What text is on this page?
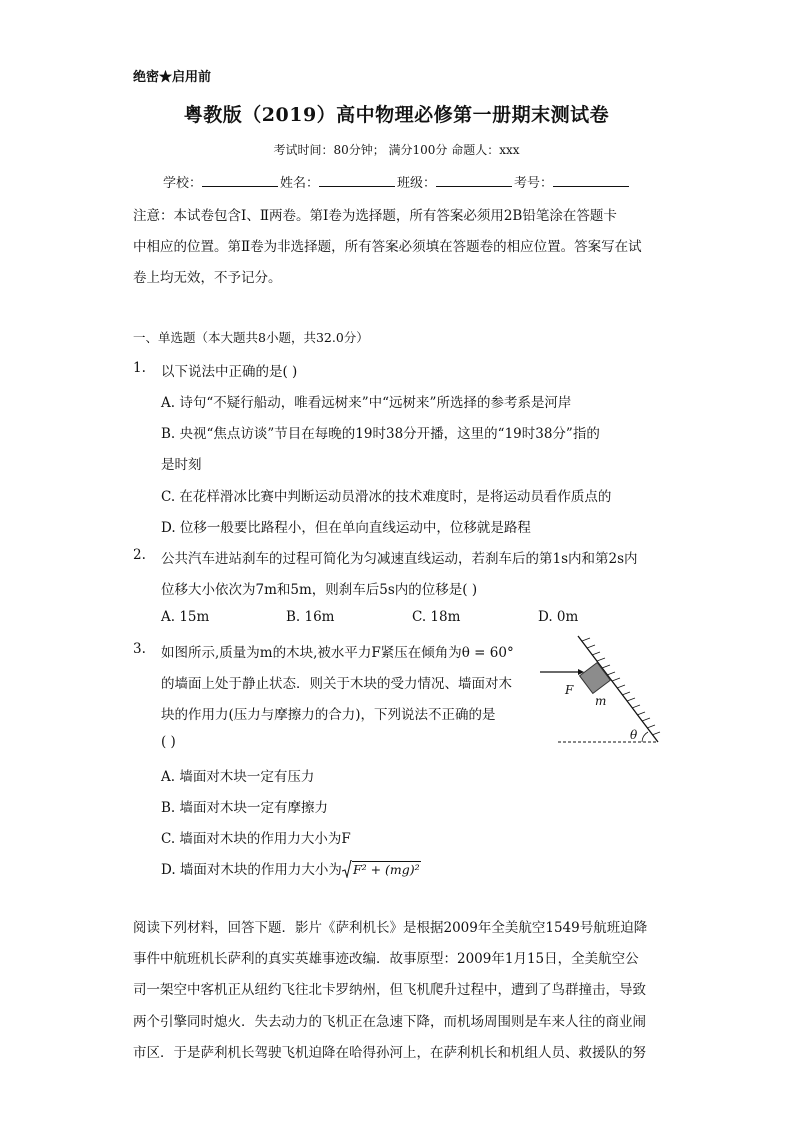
绝密★启用前
粤教版（2019）高中物理必修第一册期末测试卷
考试时间：80分钟； 满分100分 命题人：xxx
学校：	姓名：	班级：	考号：
注意：本试卷包含Ⅰ、Ⅱ两卷。第Ⅰ卷为选择题，所有答案必须用2B铅笔涂在答题卡
中相应的位置。第Ⅱ卷为非选择题，所有答案必须填在答题卷的相应位置。答案写在试
卷上均无效，不予记分。
一、单选题（本大题共8小题，共32.0分）
1. 以下说法中正确的是( )
A. 诗句“不疑行船动，唯看远树来”中“远树来”所选择的参考系是河岸
B. 央视“焦点访谈”节目在每晚的19时38分开播，这里的“19时38分”指的
是时刻
C. 在花样滑冰比赛中判断运动员滑冰的技术难度时，是将运动员看作质点的
D. 位移一般要比路程小，但在单向直线运动中，位移就是路程
2. 公共汽车进站刹车的过程可简化为匀减速直线运动，若刹车后的第1s内和第2s内
位移大小依次为7m和5m，则刹车后5s内的位移是( )
A. 15m	B. 16m	C. 18m	D. 0m
3. 如图所示,质量为m的木块,被水平力F紧压在倾角为θ = 60°
的墙面上处于静止状态．则关于木块的受力情况、墙面对木
块的作用力(压力与摩擦力的合力)，下列说法不正确的是
( )
A. 墙面对木块一定有压力
B. 墙面对木块一定有摩擦力
C. 墙面对木块的作用力大小为F
D. 墙面对木块的作用力大小为 F² + (mg)²
F
m
θ
阅读下列材料，回答下题．影片《萨利机长》是根据2009年全美航空1549号航班迫降
事件中航班机长萨利的真实英雄事迹改编．故事原型：2009年1月15日，全美航空公
司一架空中客机正从纽约飞往北卡罗纳州，但飞机爬升过程中，遭到了鸟群撞击，导致
两个引擎同时熄火．失去动力的飞机正在急速下降，而机场周围则是车来人往的商业闹
市区．于是萨利机长驾驶飞机迫降在哈得孙河上，在萨利机长和机组人员、救援队的努
